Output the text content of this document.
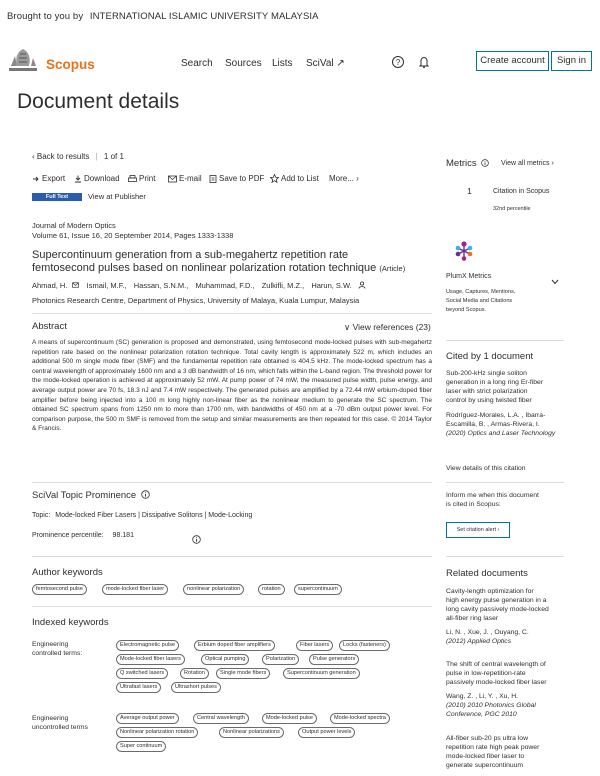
Brought to you by INTERNATIONAL ISLAMIC UNIVERSITY MALAYSIA
Scopus	Search Sources Lists SciVal ↗	?	Create account	Sign in
Document details
‹ Back to results | 1 of 1
Export	Download	Print	E-mail	Save to PDF	Add to List More... ›
Full Text	View at Publisher
Journal of Modern Optics
Volume 61, Issue 16, 20 September 2014, Pages 1333-1338
Supercontinuum generation from a sub-megahertz repetition rate
femtosecond pulses based on nonlinear polarization rotation technique (Article)
Ahmad, H.	Ismail, M.F., Hassan, S.N.M., Muhammad, F.D., Zulkifli, M.Z., Harun, S.W.
Photonics Research Centre, Department of Physics, University of Malaya, Kuala Lumpur, Malaysia
Abstract	∨ View references (23)
A means of supercontinuum (SC) generation is proposed and demonstrated, using femtosecond mode-locked pulses with sub-megahertz repetition rate based on the nonlinear polarization rotation technique. Total cavity length is approximately 522 m, which includes an additional 500 m single mode fiber (SMF) and the fundamental repetition rate obtained is 404.5 kHz. The mode-locked spectrum has a central wavelength of approximately 1600 nm and a 3 dB bandwidth of 16 nm, which falls within the L-band region. The threshold power for the mode-locked operation is achieved at approximately 52 mW. At pump power of 74 mW, the measured pulse width, pulse energy, and average output power are 70 fs, 18.3 nJ and 7.4 mW respectively. The generated pulses are amplified by a 72.44 mW erbium-doped fiber amplifier before being injected into a 100 m long highly non-linear fiber as the nonlinear medium to generate the SC spectrum. The obtained SC spectrum spans from 1250 nm to more than 1700 nm, with bandwidths of 450 nm at a -70 dBm output power level. For comparison purpose, the 500 m SMF is removed from the setup and similar measurements are then repeated for this case. © 2014 Taylor & Francis.
SciVal Topic Prominence
Topic: Mode-locked Fiber Lasers | Dissipative Solitons | Mode-Locking
Prominence percentile: 98.181
Author keywords
femtosecond pulse	mode-locked fiber laser	nonlinear polarization	rotation	supercontinuum
Indexed keywords
Engineering
controlled terms:
Electromagnetic pulse	Erbium doped fiber amplifiers	Fiber lasers	Locks (fasteners)
Mode-locked fiber lasers	Optical pumping	Polarization	Pulse generators
Q switched lasers	Rotation	Single mode fibers	Supercontinuum generation
Ultrafast lasers	Ultrashort pulses
Engineering
uncontrolled terms
Average output power	Central wavelength	Mode-locked pulse	Mode-locked spectra
Nonlinear polarization rotation	Nonlinear polarizations	Output power levels
Super continuum
Metrics	View all metrics ›
1	Citation in Scopus
32nd percentile
PlumX Metrics
Usage, Captures, Mentions,
Social Media and Citations
beyond Scopus.
Cited by 1 document
Sub-200-kHz single soliton
generation in a long ring Er-fiber
laser with strict polarization
control by using twisted fiber
Rodríguez-Morales, L.A. , Ibarra-
Escamilla, B. , Armas-Rivera, I.
(2020) Optics and Laser Technology
View details of this citation
Inform me when this document
is cited in Scopus:
Set citation alert ›
Related documents
Cavity-length optimization for
high energy pulse generation in a
long cavity passively mode-locked
all-fiber ring laser
Li, N. , Xue, J. , Ouyang, C.
(2012) Applied Optics
The shift of central wavelength of
pulse in low-repetition-rate
passively mode-locked fiber laser
Wang, Z. , Li, Y. , Xu, H.
(2010) 2010 Photonics Global
Conference, PGC 2010
All-fiber sub-20 ps ultra low
repetition rate high peak power
mode-locked fiber laser to
generate supercontinuum
